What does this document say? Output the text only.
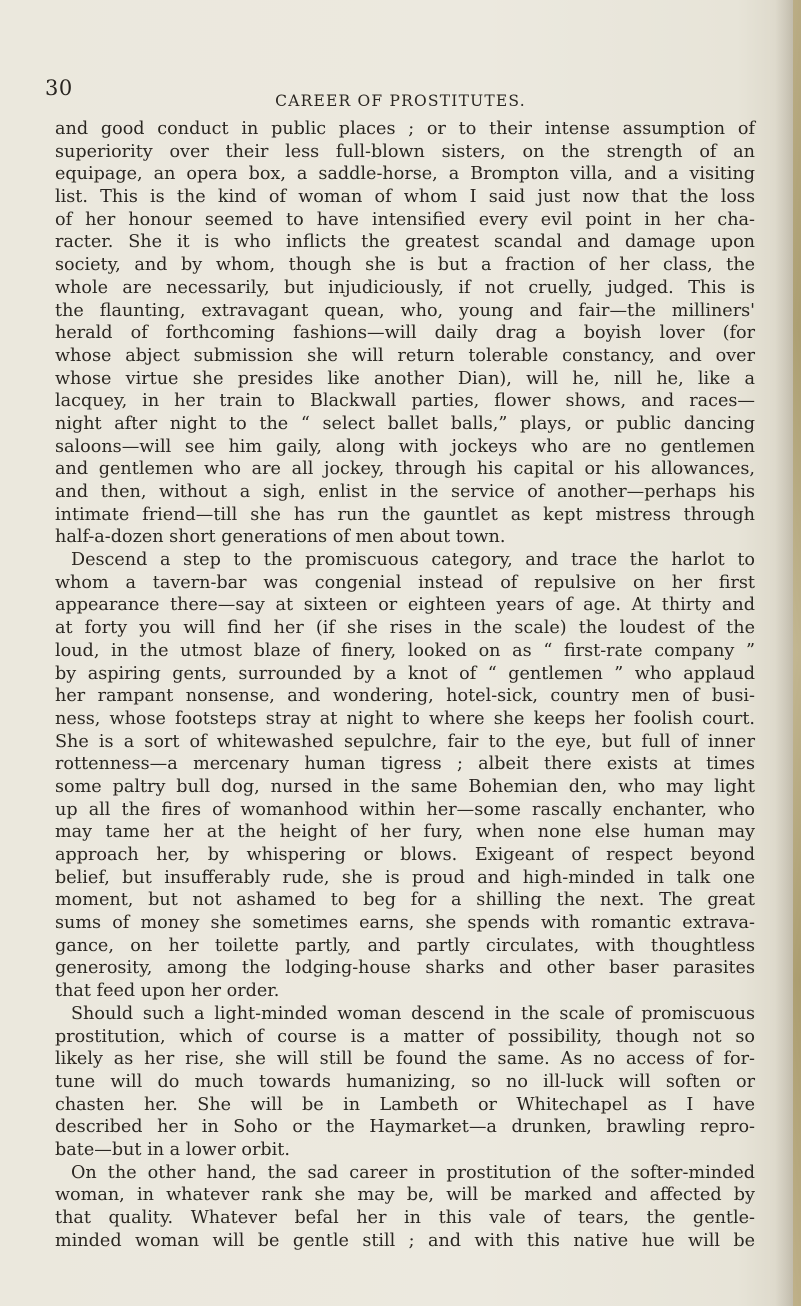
30
CAREER OF PROSTITUTES.
and good conduct in public places ; or to their intense assumption of
superiority over their less full-blown sisters, on the strength of an
equipage, an opera box, a saddle-horse, a Brompton villa, and a visiting
list. This is the kind of woman of whom I said just now that the loss
of her honour seemed to have intensified every evil point in her cha-
racter. She it is who inflicts the greatest scandal and damage upon
society, and by whom, though she is but a fraction of her class, the
whole are necessarily, but injudiciously, if not cruelly, judged. This is
the flaunting, extravagant quean, who, young and fair—the milliners'
herald of forthcoming fashions—will daily drag a boyish lover (for
whose abject submission she will return tolerable constancy, and over
whose virtue she presides like another Dian), will he, nill he, like a
lacquey, in her train to Blackwall parties, flower shows, and races—
night after night to the “ select ballet balls,” plays, or public dancing
saloons—will see him gaily, along with jockeys who are no gentlemen
and gentlemen who are all jockey, through his capital or his allowances,
and then, without a sigh, enlist in the service of another—perhaps his
intimate friend—till she has run the gauntlet as kept mistress through
half-a-dozen short generations of men about town.
Descend a step to the promiscuous category, and trace the harlot to
whom a tavern-bar was congenial instead of repulsive on her first
appearance there—say at sixteen or eighteen years of age. At thirty and
at forty you will find her (if she rises in the scale) the loudest of the
loud, in the utmost blaze of finery, looked on as “ first-rate company ”
by aspiring gents, surrounded by a knot of “ gentlemen ” who applaud
her rampant nonsense, and wondering, hotel-sick, country men of busi-
ness, whose footsteps stray at night to where she keeps her foolish court.
She is a sort of whitewashed sepulchre, fair to the eye, but full of inner
rottenness—a mercenary human tigress ; albeit there exists at times
some paltry bull dog, nursed in the same Bohemian den, who may light
up all the fires of womanhood within her—some rascally enchanter, who
may tame her at the height of her fury, when none else human may
approach her, by whispering or blows. Exigeant of respect beyond
belief, but insufferably rude, she is proud and high-minded in talk one
moment, but not ashamed to beg for a shilling the next. The great
sums of money she sometimes earns, she spends with romantic extrava-
gance, on her toilette partly, and partly circulates, with thoughtless
generosity, among the lodging-house sharks and other baser parasites
that feed upon her order.
Should such a light-minded woman descend in the scale of promiscuous
prostitution, which of course is a matter of possibility, though not so
likely as her rise, she will still be found the same. As no access of for-
tune will do much towards humanizing, so no ill-luck will soften or
chasten her. She will be in Lambeth or Whitechapel as I have
described her in Soho or the Haymarket—a drunken, brawling repro-
bate—but in a lower orbit.
On the other hand, the sad career in prostitution of the softer-minded
woman, in whatever rank she may be, will be marked and affected by
that quality. Whatever befal her in this vale of tears, the gentle-
minded woman will be gentle still ; and with this native hue will be
